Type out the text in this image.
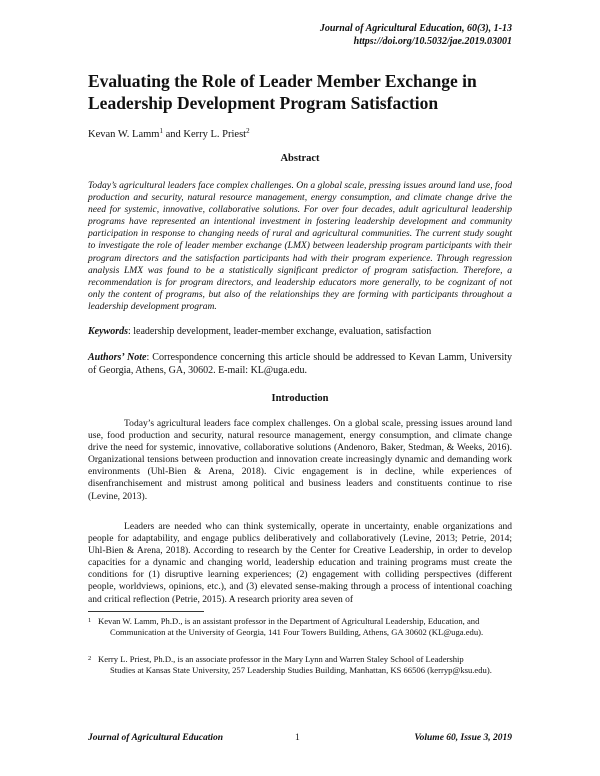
Journal of Agricultural Education, 60(3), 1-13
https://doi.org/10.5032/jae.2019.03001
Evaluating the Role of Leader Member Exchange in Leadership Development Program Satisfaction
Kevan W. Lamm$^1$ and Kerry L. Priest$^2$
Abstract
Today’s agricultural leaders face complex challenges. On a global scale, pressing issues around land use, food production and security, natural resource management, energy consumption, and climate change drive the need for systemic, innovative, collaborative solutions. For over four decades, adult agricultural leadership programs have represented an intentional investment in fostering leadership development and community participation in response to changing needs of rural and agricultural communities. The current study sought to investigate the role of leader member exchange (LMX) between leadership program participants with their program directors and the satisfaction participants had with their program experience. Through regression analysis LMX was found to be a statistically significant predictor of program satisfaction. Therefore, a recommendation is for program directors, and leadership educators more generally, to be cognizant of not only the content of programs, but also of the relationships they are forming with participants throughout a leadership development program.
Keywords: leadership development, leader-member exchange, evaluation, satisfaction
Authors’ Note: Correspondence concerning this article should be addressed to Kevan Lamm, University of Georgia, Athens, GA, 30602. E-mail: KL@uga.edu.
Introduction

Today’s agricultural leaders face complex challenges. On a global scale, pressing issues around land use, food production and security, natural resource management, energy consumption, and climate change drive the need for systemic, innovative, collaborative solutions (Andenoro, Baker, Stedman, & Weeks, 2016). Organizational tensions between production and innovation create increasingly dynamic and demanding work environments (Uhl-Bien & Arena, 2018). Civic engagement is in decline, while experiences of disenfranchisement and mistrust among political and business leaders and constituents continue to rise (Levine, 2013).

Leaders are needed who can think systemically, operate in uncertainty, enable organizations and people for adaptability, and engage publics deliberatively and collaboratively (Levine, 2013; Petrie, 2014; Uhl-Bien & Arena, 2018). According to research by the Center for Creative Leadership, in order to develop capacities for a dynamic and changing world, leadership education and training programs must create the conditions for (1) disruptive learning experiences; (2) engagement with colliding perspectives (different people, worldviews, opinions, etc.), and (3) elevated sense-making through a process of intentional coaching and critical reflection (Petrie, 2015). A research priority area seven of

1 Kevan W. Lamm, Ph.D., is an assistant professor in the Department of Agricultural Leadership, Education, and
Communication at the University of Georgia, 141 Four Towers Building, Athens, GA 30602 (KL@uga.edu).
2 Kerry L. Priest, Ph.D., is an associate professor in the Mary Lynn and Warren Staley School of Leadership
Studies at Kansas State University, 257 Leadership Studies Building, Manhattan, KS 66506 (kerryp@ksu.edu).
Journal of Agricultural Education	1	Volume 60, Issue 3, 2019
